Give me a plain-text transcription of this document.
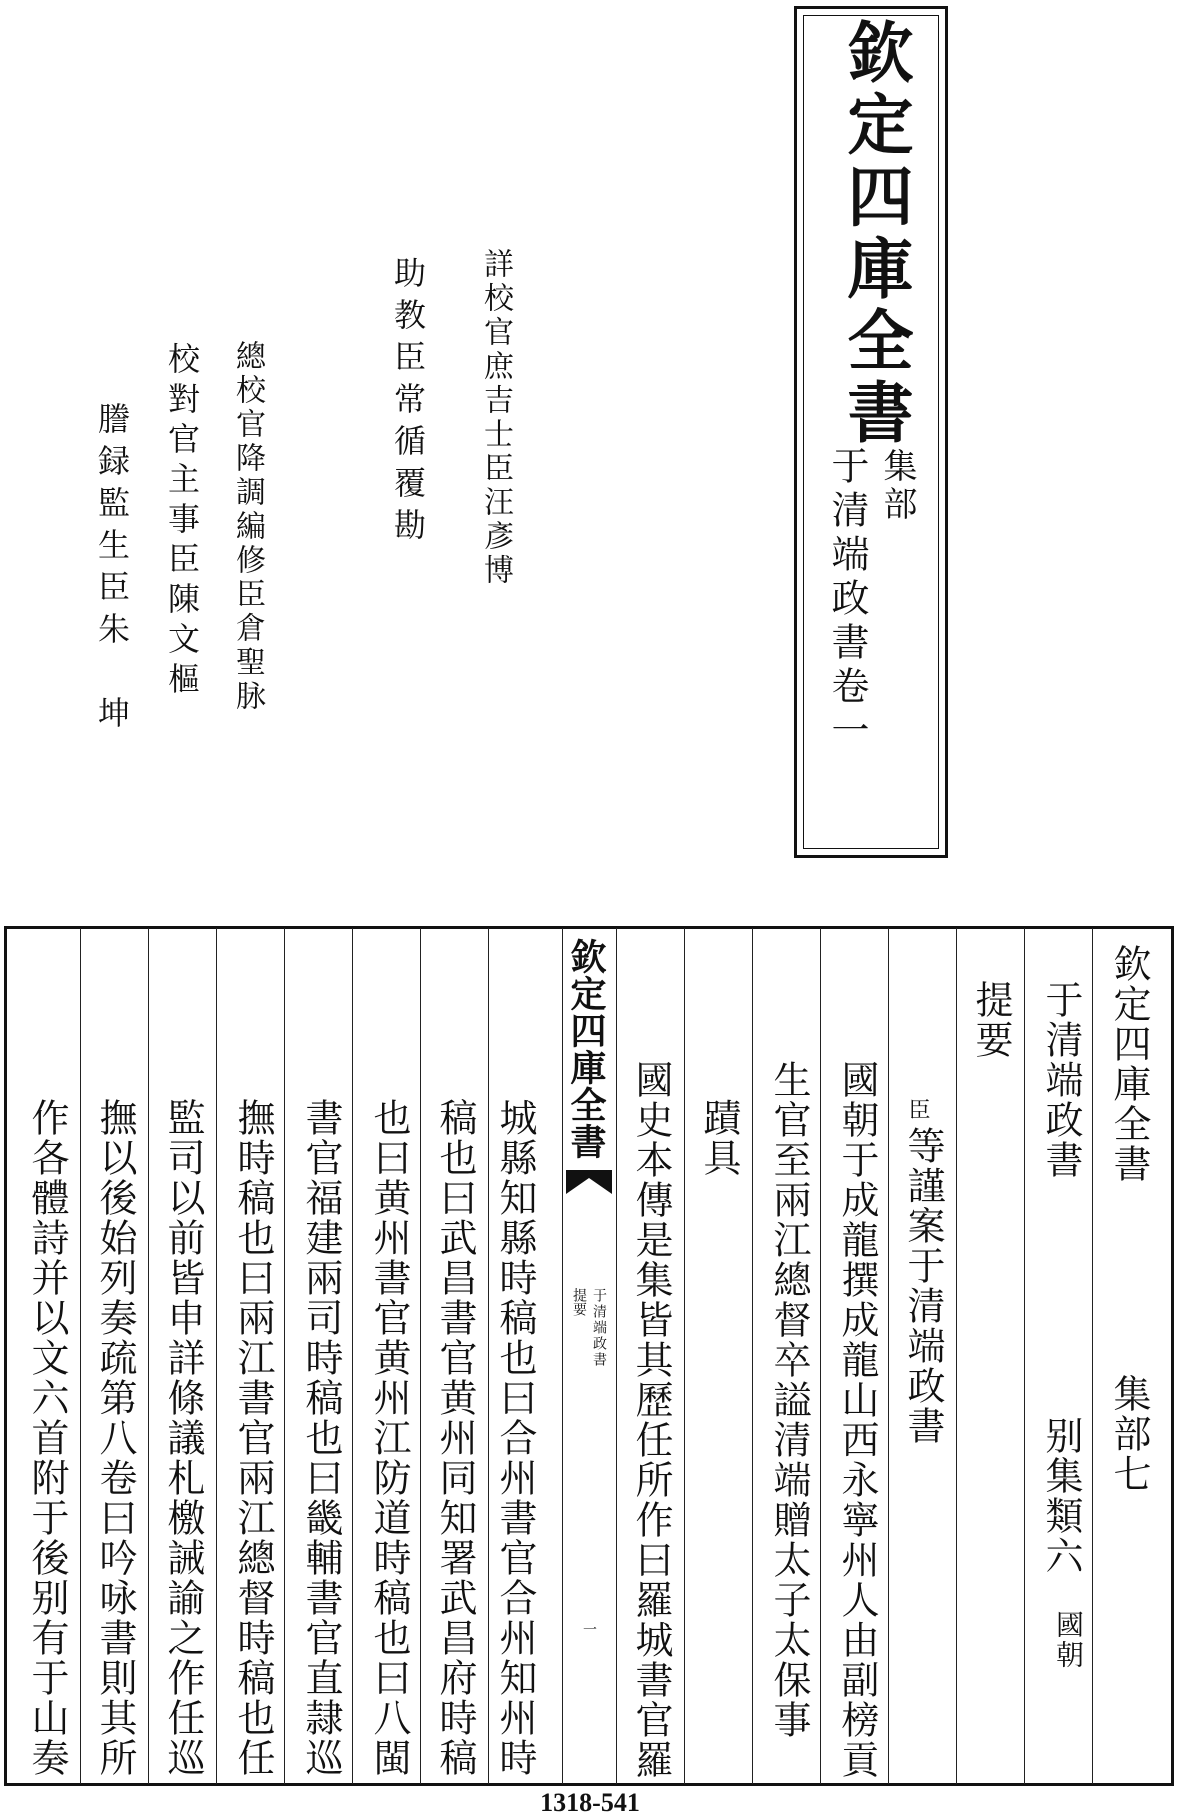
欽定四庫全書
集部
于清端政書卷一
詳校官庶吉士臣汪彥博
助教臣常循覆勘
總校官降調編修臣倉聖脉
校對官主事臣陳文樞
謄録監生臣朱　坤
欽定四庫全書
集部七
于清端政書
别集類六
國朝
提要
臣
等謹案于清端政書
國朝于成龍撰成龍山西永寧州人由副榜貢
生官至兩江總督卒謚清端贈太子太保事
蹟具
國史本傳是集皆其歷任所作曰羅城書官羅
城縣知縣時稿也曰合州書官合州知州時
稿也曰武昌書官黄州同知署武昌府時稿
也曰黄州書官黄州江防道時稿也曰八閩
書官福建兩司時稿也曰畿輔書官直隷巡
撫時稿也曰兩江書官兩江總督時稿也任
監司以前皆申詳條議札檄誡諭之作任巡
撫以後始列奏疏第八卷曰吟咏書則其所
作各體詩并以文六首附于後别有于山奏
欽定四庫全書
于清端政書
提要
一
1318-541
